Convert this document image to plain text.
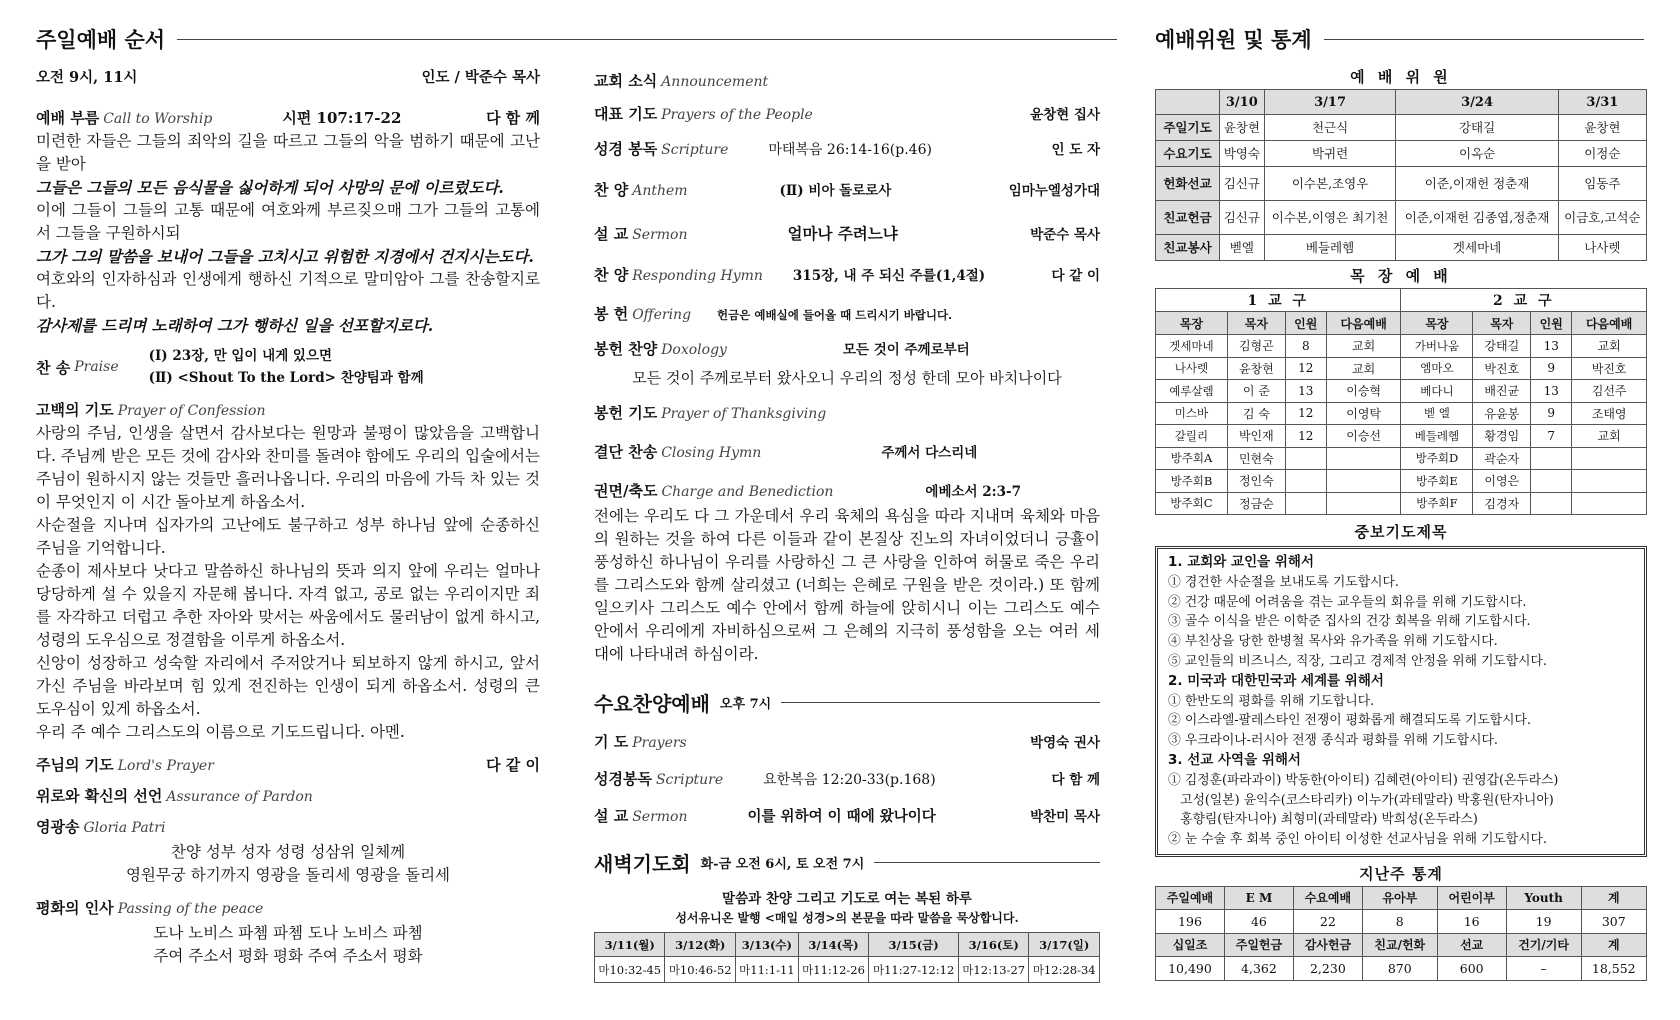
주일예배 순서
오전 9시, 11시	인도 / 박준수 목사
예배 부름 Call to Worship	시편 107:17-22	다 함 께
미련한 자들은 그들의 죄악의 길을 따르고 그들의 악을 범하기 때문에 고난을 받아
그들은 그들의 모든 음식물을 싫어하게 되어 사망의 문에 이르렀도다.
이에 그들이 그들의 고통 때문에 여호와께 부르짖으매 그가 그들의 고통에서 그들을 구원하시되
그가 그의 말씀을 보내어 그들을 고치시고 위험한 지경에서 건지시는도다.
여호와의 인자하심과 인생에게 행하신 기적으로 말미암아 그를 찬송할지로다.
감사제를 드리며 노래하여 그가 행하신 일을 선포할지로다.
찬 송 Praise
(Ⅰ) 23장, 만 입이 내게 있으면
(Ⅱ) <Shout To the Lord> 찬양팀과 함께
고백의 기도 Prayer of Confession
사랑의 주님, 인생을 살면서 감사보다는 원망과 불평이 많았음을 고백합니다. 주님께 받은 모든 것에 감사와 찬미를 돌려야 함에도 우리의 입술에서는 주님이 원하시지 않는 것들만 흘러나옵니다. 우리의 마음에 가득 차 있는 것이 무엇인지 이 시간 돌아보게 하옵소서.
사순절을 지나며 십자가의 고난에도 불구하고 성부 하나님 앞에 순종하신 주님을 기억합니다.
순종이 제사보다 낫다고 말씀하신 하나님의 뜻과 의지 앞에 우리는 얼마나 당당하게 설 수 있을지 자문해 봅니다. 자격 없고, 공로 없는 우리이지만 죄를 자각하고 더럽고 추한 자아와 맞서는 싸움에서도 물러남이 없게 하시고, 성령의 도우심으로 정결함을 이루게 하옵소서.
신앙이 성장하고 성숙할 자리에서 주저앉거나 퇴보하지 않게 하시고, 앞서가신 주님을 바라보며 힘 있게 전진하는 인생이 되게 하옵소서. 성령의 큰 도우심이 있게 하옵소서.
우리 주 예수 그리스도의 이름으로 기도드립니다. 아멘.
주님의 기도 Lord's Prayer	다 같 이
위로와 확신의 선언 Assurance of Pardon
영광송 Gloria Patri
찬양 성부 성자 성령 성삼위 일체께
영원무궁 하기까지 영광을 돌리세 영광을 돌리세
평화의 인사 Passing of the peace
도나 노비스 파쳄 파쳄 도나 노비스 파쳄
주여 주소서 평화 평화 주여 주소서 평화
교회 소식 Announcement
대표 기도 Prayers of the People	윤창현 집사
성경 봉독 Scripture	마태복음 26:14-16(p.46)	인 도 자
찬 양 Anthem	(Ⅱ) 비아 돌로로사	임마누엘성가대
설 교 Sermon	얼마나 주려느냐	박준수 목사
찬 양 Responding Hymn 315장, 내 주 되신 주를(1,4절)	다 같 이
봉 헌 Offering 헌금은 예배실에 들어올 때 드리시기 바랍니다.
봉헌 찬양 Doxology	모든 것이 주께로부터
모든 것이 주께로부터 왔사오니 우리의 정성 한데 모아 바치나이다
봉헌 기도 Prayer of Thanksgiving
결단 찬송 Closing Hymn	주께서 다스리네
권면/축도 Charge and Benediction	에베소서 2:3-7
전에는 우리도 다 그 가운데서 우리 육체의 욕심을 따라 지내며 육체와 마음의 원하는 것을 하여 다른 이들과 같이 본질상 진노의 자녀이었더니 긍휼이 풍성하신 하나님이 우리를 사랑하신 그 큰 사랑을 인하여 허물로 죽은 우리를 그리스도와 함께 살리셨고 (너희는 은혜로 구원을 받은 것이라.) 또 함께 일으키사 그리스도 예수 안에서 함께 하늘에 앉히시니 이는 그리스도 예수 안에서 우리에게 자비하심으로써 그 은혜의 지극히 풍성함을 오는 여러 세대에 나타내려 하심이라.
수요찬양예배 오후 7시
기 도 Prayers	박영숙 권사
성경봉독 Scripture	요한복음 12:20-33(p.168)	다 함 께
설 교 Sermon	이를 위하여 이 때에 왔나이다	박찬미 목사
새벽기도회 화-금 오전 6시, 토 오전 7시
말씀과 찬양 그리고 기도로 여는 복된 하루
성서유니온 발행 <매일 성경>의 본문을 따라 말씀을 묵상합니다.
3/11(월)	3/12(화)	3/13(수)	3/14(목)	3/15(금)	3/16(토)	3/17(일)
마10:32-45	마10:46-52	마11:1-11	마11:12-26	마11:27-12:12	마12:13-27	마12:28-34
예배위원 및 통계
예 배 위 원
	3/10	3/17	3/24	3/31
주일기도	윤창현	천근식	강태길	윤창현
수요기도	박영숙	박귀련	이옥순	이정순
헌화선교	김신규	이수본,조영우	이준,이재헌 정춘재	임동주
친교헌금	김신규	이수본,이영은 최기천	이준,이재헌 김종엽,정춘재	이금호,고석순
친교봉사	벧엘	베들레헴	겟세마네	나사렛
목 장 예 배
1 교 구				2 교 구			
목장	목자	인원	다음예배	목장	목자	인원	다음예배
겟세마네	김형곤	8	교회	가버나움	강태길	13	교회
나사렛	윤창현	12	교회	엠마오	박진호	9	박진호
예루살렘	이 준	13	이승혁	베다니	배진균	13	김선주
미스바	김 숙	12	이영탁	벧 엘	유윤봉	9	조태영
갈릴리	박인재	12	이승선	베들레헴	황경임	7	교회
방주회A	민현숙			방주회D	곽순자		
방주회B	정인숙			방주회E	이영은		
방주회C	정금순			방주회F	김경자		
중보기도제목
1. 교회와 교인을 위해서
① 경건한 사순절을 보내도록 기도합시다.
② 건강 때문에 어려움을 겪는 교우들의 회유를 위해 기도합시다.
③ 골수 이식을 받은 이학준 집사의 건강 회복을 위해 기도합시다.
④ 부친상을 당한 한병철 목사와 유가족을 위해 기도합시다.
⑤ 교인들의 비즈니스, 직장, 그리고 경제적 안정을 위해 기도합시다.
2. 미국과 대한민국과 세계를 위해서
① 한반도의 평화를 위해 기도합니다.
② 이스라엘-팔레스타인 전쟁이 평화롭게 해결되도록 기도합시다.
③ 우크라이나-러시아 전쟁 종식과 평화를 위해 기도합시다.
3. 선교 사역을 위해서
① 김정훈(파라과이) 박동한(아이티) 김혜련(아이티) 권영갑(온두라스)
고성(일본) 윤익수(코스타리카) 이누가(과테말라) 박홍원(탄자니아)
홍향림(탄자니아) 최형미(과테말라) 박희성(온두라스)
② 눈 수술 후 회복 중인 아이티 이성한 선교사님을 위해 기도합시다.
지난주 통계
주일예배	E M	수요예배	유아부	어린이부	Youth	계
196	46	22	8	16	19	307
십일조	주일헌금	감사헌금	친교/헌화	선교	건기/기타	계
10,490	4,362	2,230	870	600	–	18,552
